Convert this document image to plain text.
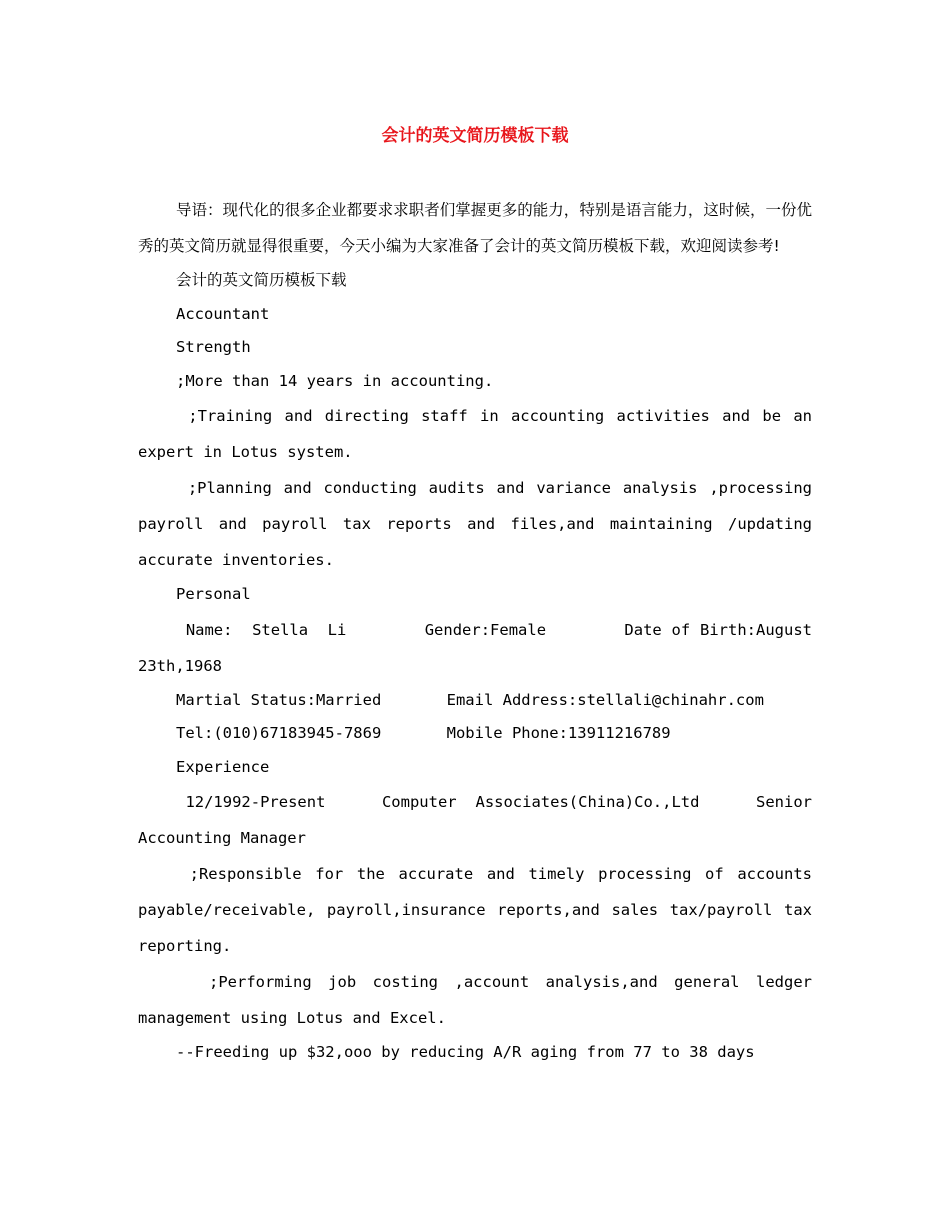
会计的英文简历模板下载

导语：现代化的很多企业都要求求职者们掌握更多的能力，特别是语言能力，这时候，一份优秀的英文简历就显得很重要，今天小编为大家准备了会计的英文简历模板下载，欢迎阅读参考!

会计的英文简历模板下载

Accountant

Strength

;More than 14 years in accounting.

;Training and directing staff in accounting activities and be an expert in Lotus system.

;Planning and conducting audits and variance analysis ,processing payroll and payroll tax reports and files,and maintaining /updating accurate inventories.

Personal

Name:  Stella  Li        Gender:Female        Date of Birth:August 23th,1968

Martial Status:Married       Email Address:stellali@chinahr.com

Tel:(010)67183945-7869       Mobile Phone:13911216789

Experience

12/1992-Present      Computer  Associates(China)Co.,Ltd      Senior Accounting Manager

;Responsible for the accurate and timely processing of accounts payable/receivable, payroll,insurance reports,and sales tax/payroll tax reporting.

;Performing job costing ,account analysis,and general ledger management using Lotus and Excel.

--Freeding up $32,ooo by reducing A/R aging from 77 to 38 days
